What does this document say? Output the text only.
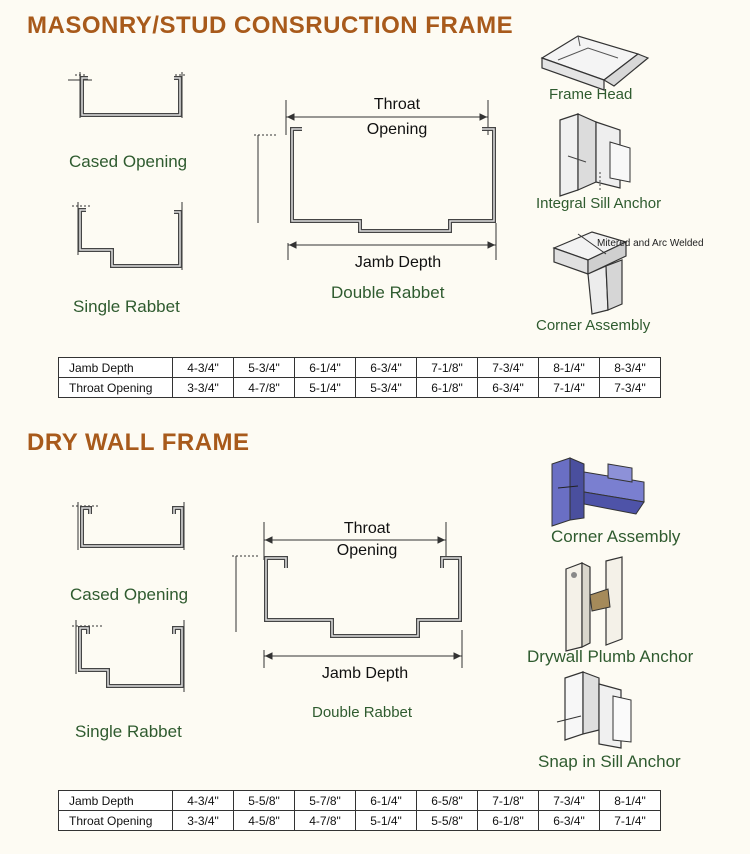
MASONRY/STUD CONSRUCTION FRAME
Cased Opening
Single Rabbet
Throat
Opening
Jamb Depth
Double Rabbet
Frame Head
Integral Sill Anchor
Mitered and Arc Welded
Corner Assembly
Jamb Depth	4-3/4"	5-3/4"	6-1/4"	6-3/4"	7-1/8"	7-3/4"	8-1/4"	8-3/4"
Throat Opening	3-3/4"	4-7/8"	5-1/4"	5-3/4"	6-1/8"	6-3/4"	7-1/4"	7-3/4"
DRY WALL FRAME
Cased Opening
Single Rabbet
Throat
Opening
Jamb Depth
Double Rabbet
Corner Assembly
Drywall Plumb Anchor
Snap in Sill Anchor
Jamb Depth	4-3/4"	5-5/8"	5-7/8"	6-1/4"	6-5/8"	7-1/8"	7-3/4"	8-1/4"
Throat Opening	3-3/4"	4-5/8"	4-7/8"	5-1/4"	5-5/8"	6-1/8"	6-3/4"	7-1/4"
